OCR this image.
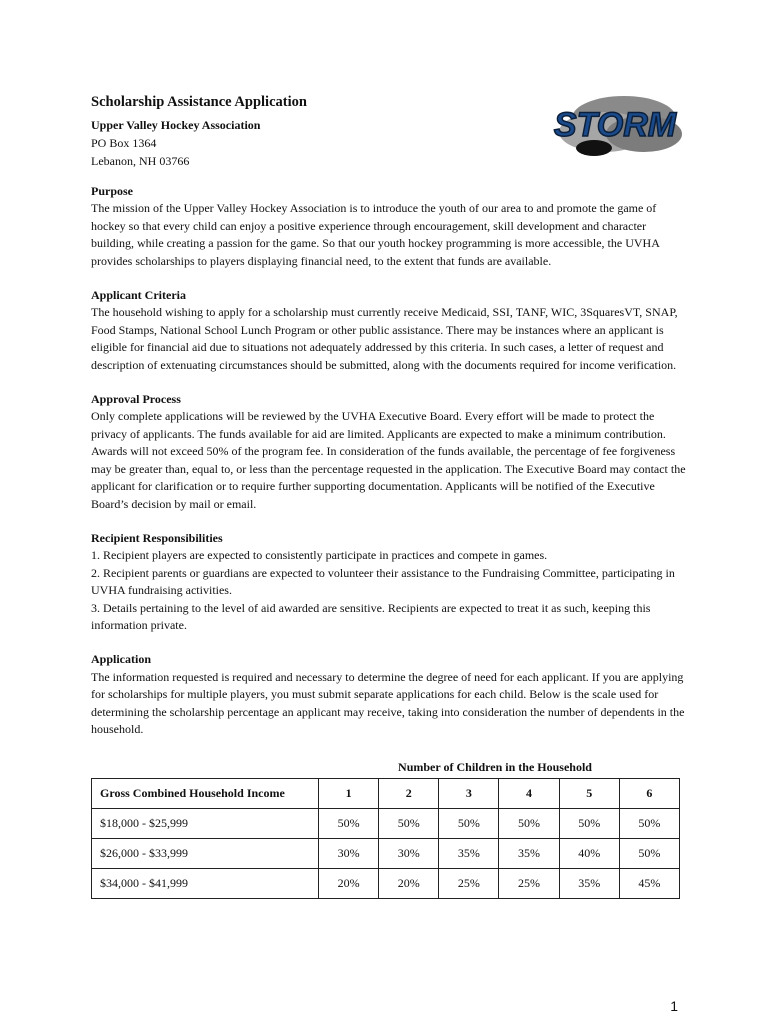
STORM
Scholarship Assistance Application
Upper Valley Hockey Association
PO Box 1364
Lebanon, NH 03766
Purpose

The mission of the Upper Valley Hockey Association is to introduce the youth of our area to and promote the game of hockey so that every child can enjoy a positive experience through encouragement, skill development and character building, while creating a passion for the game. So that our youth hockey programming is more accessible, the UVHA provides scholarships to players displaying financial need, to the extent that funds are available.

Applicant Criteria

The household wishing to apply for a scholarship must currently receive Medicaid, SSI, TANF, WIC, 3SquaresVT, SNAP, Food Stamps, National School Lunch Program or other public assistance. There may be instances where an applicant is eligible for financial aid due to situations not adequately addressed by this criteria. In such cases, a letter of request and description of extenuating circumstances should be submitted, along with the documents required for income verification.

Approval Process

Only complete applications will be reviewed by the UVHA Executive Board. Every effort will be made to protect the privacy of applicants. The funds available for aid are limited. Applicants are expected to make a minimum contribution. Awards will not exceed 50% of the program fee. In consideration of the funds available, the percentage of fee forgiveness may be greater than, equal to, or less than the percentage requested in the application. The Executive Board may contact the applicant for clarification or to require further supporting documentation. Applicants will be notified of the Executive Board’s decision by mail or email.

Recipient Responsibilities

1. Recipient players are expected to consistently participate in practices and compete in games.

2. Recipient parents or guardians are expected to volunteer their assistance to the Fundraising Committee, participating in UVHA fundraising activities.

3. Details pertaining to the level of aid awarded are sensitive. Recipients are expected to treat it as such, keeping this information private.

Application

The information requested is required and necessary to determine the degree of need for each applicant. If you are applying for scholarships for multiple players, you must submit separate applications for each child. Below is the scale used for determining the scholarship percentage an applicant may receive, taking into consideration the number of dependents in the household.

Number of Children in the Household
Gross Combined Household Income	1	2	3	4	5	6
$18,000 - $25,999	50%	50%	50%	50%	50%	50%
$26,000 - $33,999	30%	30%	35%	35%	40%	50%
$34,000 - $41,999	20%	20%	25%	25%	35%	45%
1
